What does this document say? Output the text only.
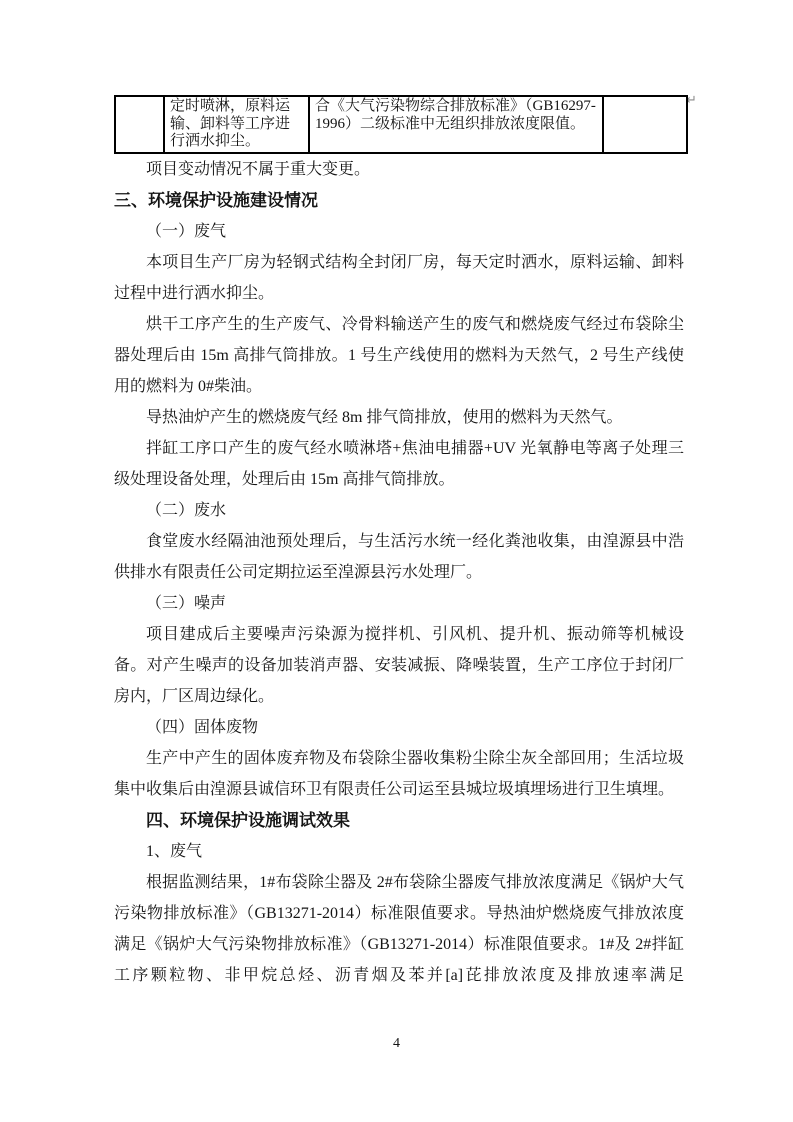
↵
	定时喷淋，原料运输、卸料等工序进行洒水抑尘。	合《大气污染物综合排放标准》（GB16297-1996）二级标准中无组织排放浓度限值。	

项目变动情况不属于重大变更。

三、环境保护设施建设情况

（一）废气

本项目生产厂房为轻钢式结构全封闭厂房，每天定时洒水，原料运输、卸料过程中进行洒水抑尘。

烘干工序产生的生产废气、冷骨料输送产生的废气和燃烧废气经过布袋除尘器处理后由 15m 高排气筒排放。1 号生产线使用的燃料为天然气，2 号生产线使用的燃料为 0#柴油。

导热油炉产生的燃烧废气经 8m 排气筒排放，使用的燃料为天然气。

拌缸工序口产生的废气经水喷淋塔+焦油电捕器+UV 光氧静电等离子处理三级处理设备处理，处理后由 15m 高排气筒排放。

（二）废水

食堂废水经隔油池预处理后，与生活污水统一经化粪池收集，由湟源县中浩供排水有限责任公司定期拉运至湟源县污水处理厂。

（三）噪声

项目建成后主要噪声污染源为搅拌机、引风机、提升机、振动筛等机械设备。对产生噪声的设备加装消声器、安装减振、降噪装置，生产工序位于封闭厂房内，厂区周边绿化。

（四）固体废物

生产中产生的固体废弃物及布袋除尘器收集粉尘除尘灰全部回用；生活垃圾集中收集后由湟源县诚信环卫有限责任公司运至县城垃圾填埋场进行卫生填埋。

四、环境保护设施调试效果

1、废气

根据监测结果，1#布袋除尘器及 2#布袋除尘器废气排放浓度满足《锅炉大气污染物排放标准》（GB13271-2014）标准限值要求。导热油炉燃烧废气排放浓度满足《锅炉大气污染物排放标准》（GB13271-2014）标准限值要求。1#及 2#拌缸工序颗粒物、非甲烷总烃、沥青烟及苯并[a]芘排放浓度及排放速率满足

4
